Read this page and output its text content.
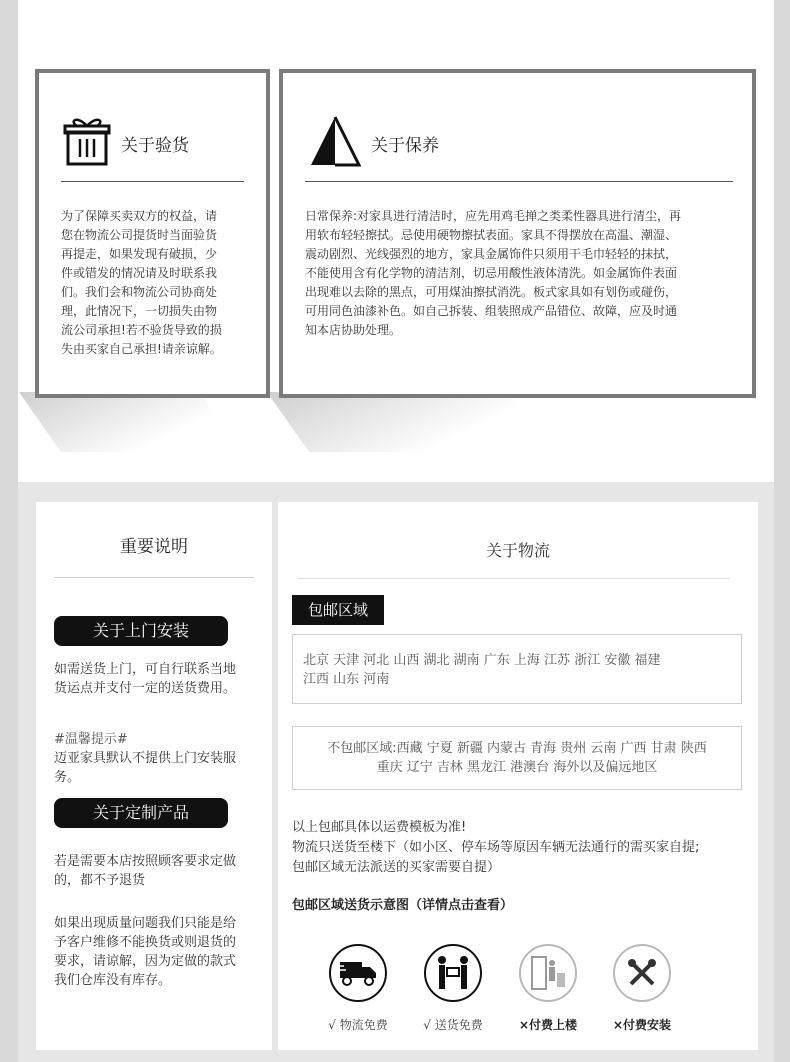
关于验货
为了保障买卖双方的权益，请
您在物流公司提货时当面验货
再提走，如果发现有破损，少
件或错发的情况请及时联系我
们。我们会和物流公司协商处
理，此情况下，一切损失由物
流公司承担!若不验货导致的损
失由买家自己承担!请亲谅解。
关于保养
日常保养:对家具进行清洁时，应先用鸡毛掸之类柔性器具进行清尘，再
用软布轻轻擦拭。忌使用硬物擦拭表面。家具不得摆放在高温、潮湿、
震动剧烈、光线强烈的地方，家具金属饰件只须用干毛巾轻轻的抹拭，
不能使用含有化学物的清洁剂，切忌用酸性液体清洗。如金属饰件表面
出现难以去除的黑点，可用煤油擦拭消洗。板式家具如有划伤或碰伤，
可用同色油漆补色。如自己拆装、组装照成产品错位、故障，应及时通
知本店协助处理。
重要说明
关于上门安装
如需送货上门，可自行联系当地
货运点并支付一定的送货费用。
#温馨提示#
迈亚家具默认不提供上门安装服
务。
关于定制产品
若是需要本店按照顾客要求定做
的，都不予退货
如果出现质量问题我们只能是给
予客户维修不能换货或则退货的
要求，请谅解，因为定做的款式
我们仓库没有库存。
关于物流
包邮区域
北京 天津 河北 山西 湖北 湖南 广东 上海 江苏 浙江 安徽 福建
江西 山东 河南
不包邮区域:西藏 宁夏 新疆 内蒙古 青海 贵州 云南 广西 甘肃 陕西
重庆 辽宁 吉林 黑龙江 港澳台 海外以及偏远地区
以上包邮具体以运费模板为准!
物流只送货至楼下（如小区、停车场等原因车辆无法通行的需买家自提;
包邮区域无法派送的买家需要自提）
包邮区域送货示意图（详情点击查看）
√ 物流免费	√ 送货免费	×付费上楼	×付费安装
